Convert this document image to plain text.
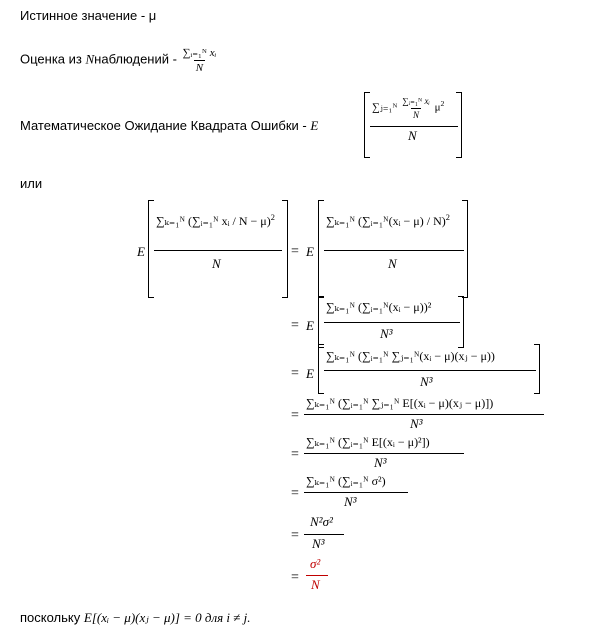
Истинное значение - μ
Оценка из Nнаблюдений - $\frac{\text{∑ᵢ₌₁ᴺ xᵢ}}{N}$
Математическое Ожидание Квадрата Ошибки - E
∑ⱼ₌₁ᴺ $\frac{\text{∑ᵢ₌₁ᴺ xᵢ}}{N} \mu^2$
N
или
E
∑ₖ₌₁ᴺ (∑ᵢ₌₁ᴺ xᵢ / N − μ)$^2$
N
= E
∑ₖ₌₁ᴺ (∑ᵢ₌₁ᴺ(xᵢ − μ) / N)$^2$
N
= E
∑ₖ₌₁ᴺ (∑ᵢ₌₁ᴺ(xᵢ − μ))²
N³
= E
∑ₖ₌₁ᴺ (∑ᵢ₌₁ᴺ ∑ⱼ₌₁ᴺ(xᵢ − μ)(xⱼ − μ))
N³
=
∑ₖ₌₁ᴺ (∑ᵢ₌₁ᴺ ∑ⱼ₌₁ᴺ E[(xᵢ − μ)(xⱼ − μ)])
N³
=
∑ₖ₌₁ᴺ (∑ᵢ₌₁ᴺ E[(xᵢ − μ)²])
N³
=
∑ₖ₌₁ᴺ (∑ᵢ₌₁ᴺ σ²)
N³
=
N²σ²
N³
=
σ²
N
поскольку E[(xᵢ − μ)(xⱼ − μ)] = 0 для i ≠ j.
